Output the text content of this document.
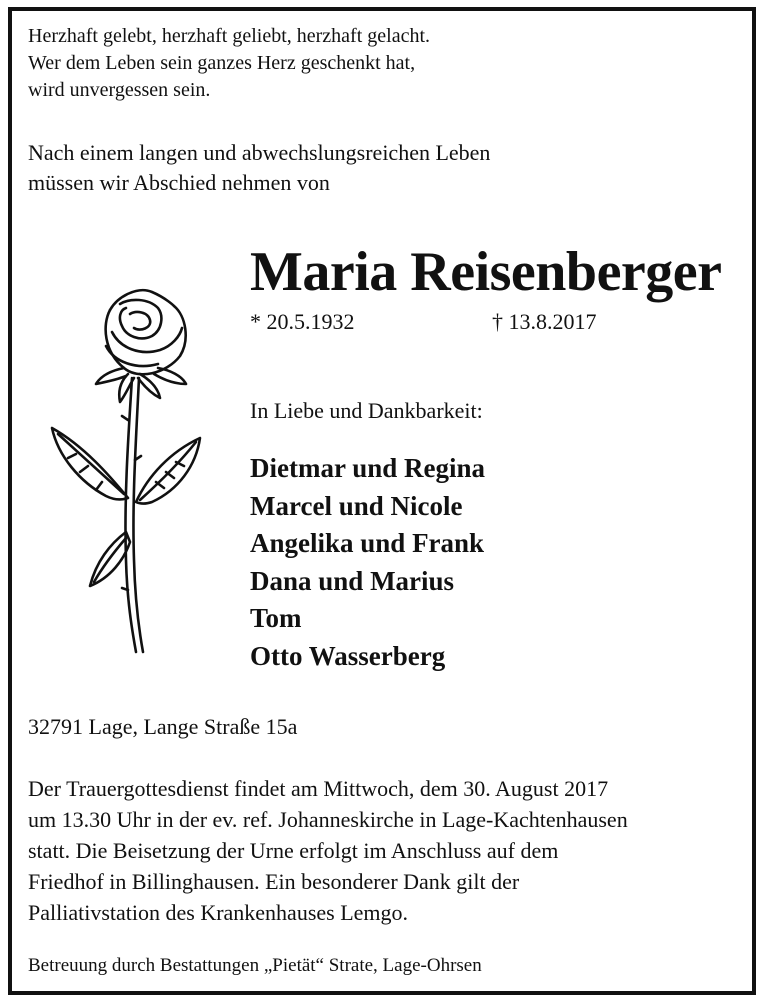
Herzhaft gelebt, herzhaft geliebt, herzhaft gelacht.
Wer dem Leben sein ganzes Herz geschenkt hat,
wird unvergessen sein.
Nach einem langen und abwechslungsreichen Leben
müssen wir Abschied nehmen von
Maria Reisenberger
* 20.5.1932	† 13.8.2017
In Liebe und Dankbarkeit:
Dietmar und Regina
Marcel und Nicole
Angelika und Frank
Dana und Marius
Tom
Otto Wasserberg
32791 Lage, Lange Straße 15a
Der Trauergottesdienst findet am Mittwoch, dem 30. August 2017
um 13.30 Uhr in der ev. ref. Johanneskirche in Lage-Kachtenhausen
statt. Die Beisetzung der Urne erfolgt im Anschluss auf dem
Friedhof in Billinghausen. Ein besonderer Dank gilt der
Palliativstation des Krankenhauses Lemgo.
Betreuung durch Bestattungen „Pietät“ Strate, Lage-Ohrsen
